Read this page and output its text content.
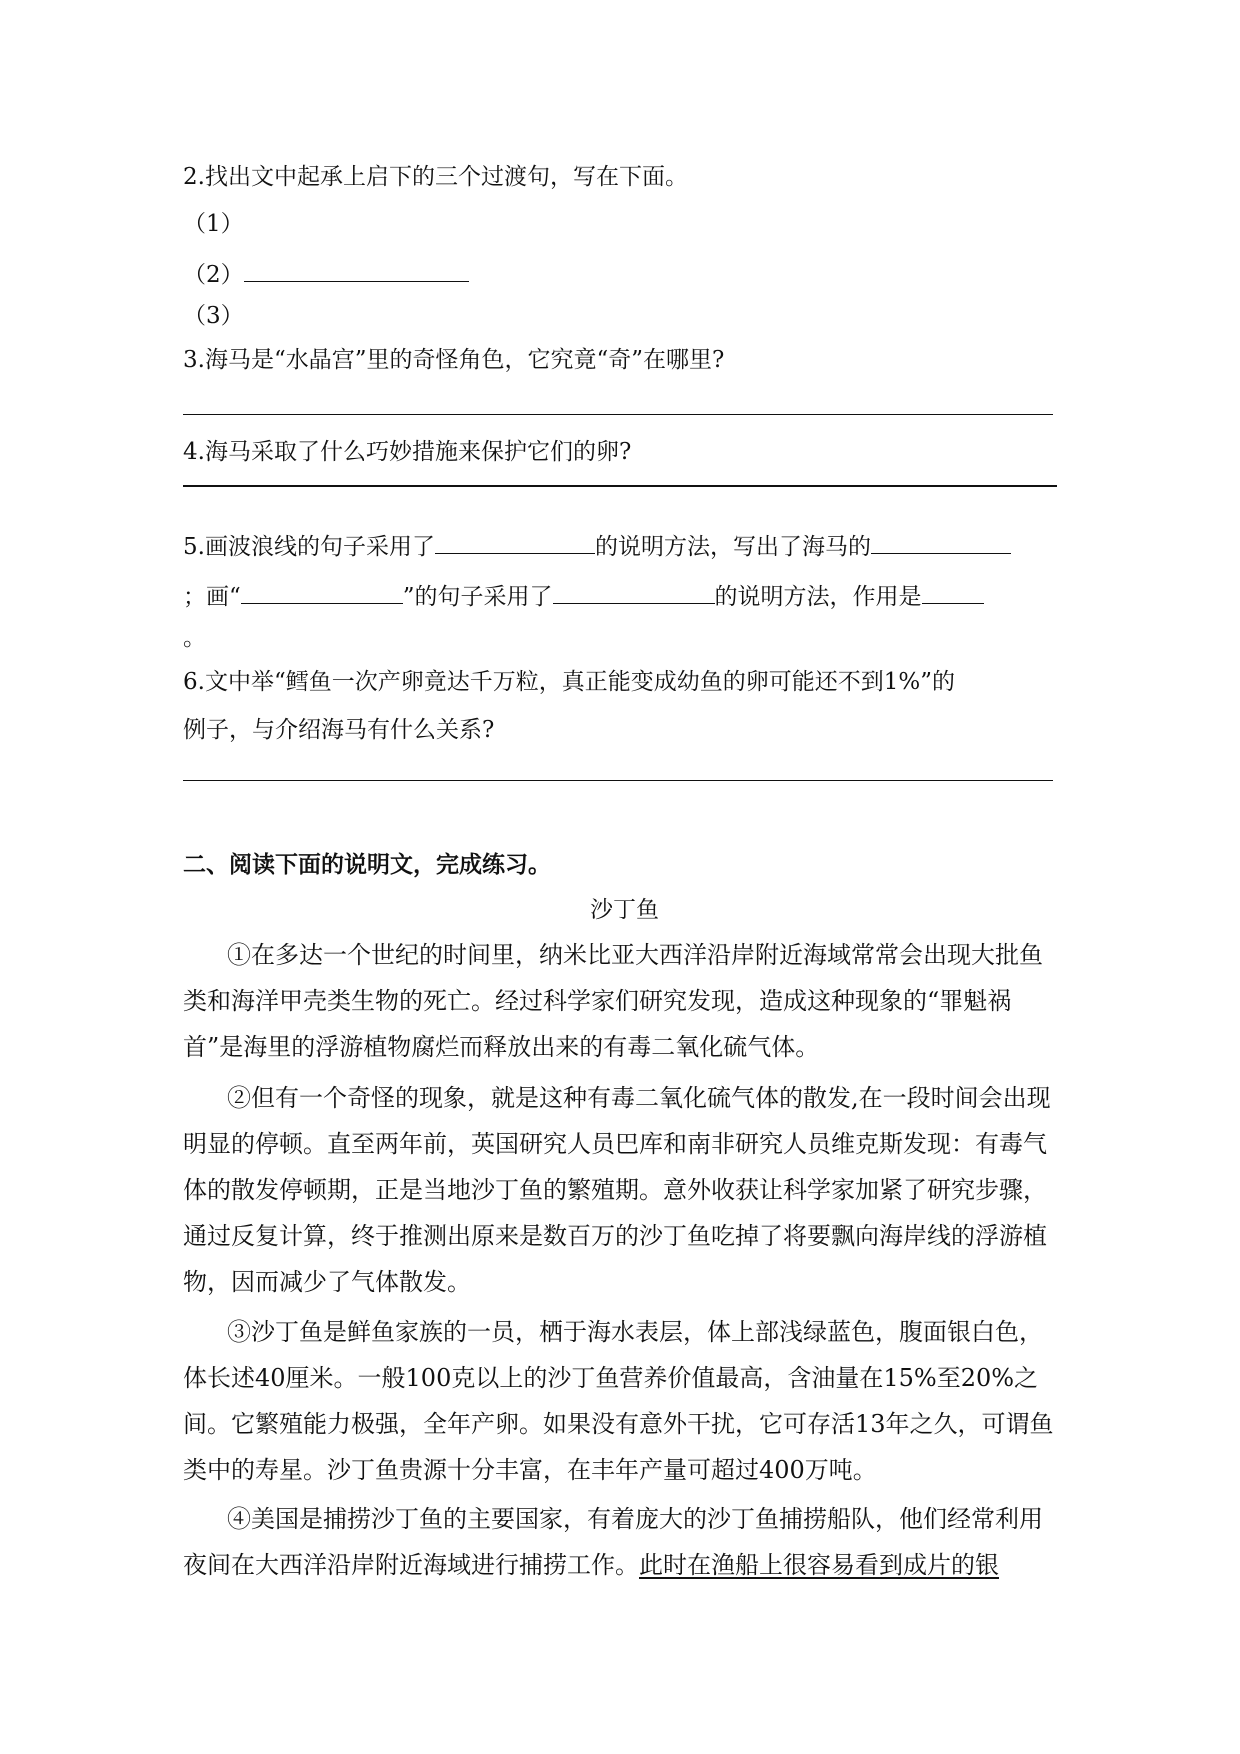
2.找出文中起承上启下的三个过渡句，写在下面。
（1）
（2）
（3）
3.海马是“水晶宫”里的奇怪角色，它究竟“奇”在哪里?
4.海马采取了什么巧妙措施来保护它们的卵?
5.画波浪线的句子采用了	的说明方法，写出了海马的
；画“	”的句子采用了	的说明方法，作用是
。
6.文中举“鳕鱼一次产卵竟达千万粒，真正能变成幼鱼的卵可能还不到1%”的
例子，与介绍海马有什么关系?
二、阅读下面的说明文，完成练习。
沙丁鱼
①在多达一个世纪的时间里，纳米比亚大西洋沿岸附近海域常常会出现大批鱼类和海洋甲壳类生物的死亡。经过科学家们研究发现，造成这种现象的“罪魁祸首”是海里的浮游植物腐烂而释放出来的有毒二氧化硫气体。
②但有一个奇怪的现象，就是这种有毒二氧化硫气体的散发,在一段时间会出现明显的停顿。直至两年前，英国研究人员巴库和南非研究人员维克斯发现：有毒气体的散发停顿期，正是当地沙丁鱼的繁殖期。意外收获让科学家加紧了研究步骤，通过反复计算，终于推测出原来是数百万的沙丁鱼吃掉了将要飘向海岸线的浮游植物，因而减少了气体散发。
③沙丁鱼是鲜鱼家族的一员，栖于海水表层，体上部浅绿蓝色，腹面银白色，体长述40厘米。一般100克以上的沙丁鱼营养价值最高，含油量在15%至20%之间。它繁殖能力极强，全年产卵。如果没有意外干扰，它可存活13年之久，可谓鱼类中的寿星。沙丁鱼贵源十分丰富，在丰年产量可超过400万吨。
④美国是捕捞沙丁鱼的主要国家，有着庞大的沙丁鱼捕捞船队，他们经常利用夜间在大西洋沿岸附近海域进行捕捞工作。此时在渔船上很容易看到成片的银
